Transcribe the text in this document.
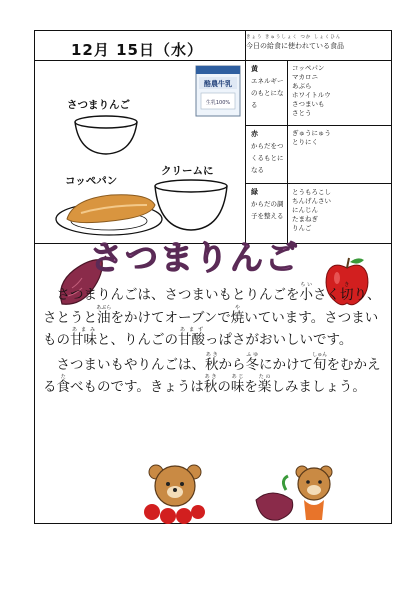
12月 15日（水）
きょう きゅうしょく つか しょくひん
今日の給食に使われている食品
黄
エネルギーのもとになる
赤
からだをつくるもとになる
緑
からだの調子を整える
コッペパン
マカロニ
あぶら
ホワイトルウ
さつまいも
さとう
ぎゅうにゅう
とりにく
とうもろこし
ちんげんさい
にんじん
たまねぎ
りんご
酪農牛乳
生乳100%
さつまりんご
コッペパン
クリームに
さつまりんご

 さつまりんごは、さつまいもとりんごを小ちいさく切きり、さとうと油あぶらをかけてオーブンで焼やいています。さつまいもの甘味あまみと、りんごの甘酸あまずっぱさがおいしいです。

 さつまいもやりんごは、秋あきから冬ふゆにかけて旬しゅんをむかえる食たべものです。きょうは秋あきの味あじを楽たのしみましょう。
